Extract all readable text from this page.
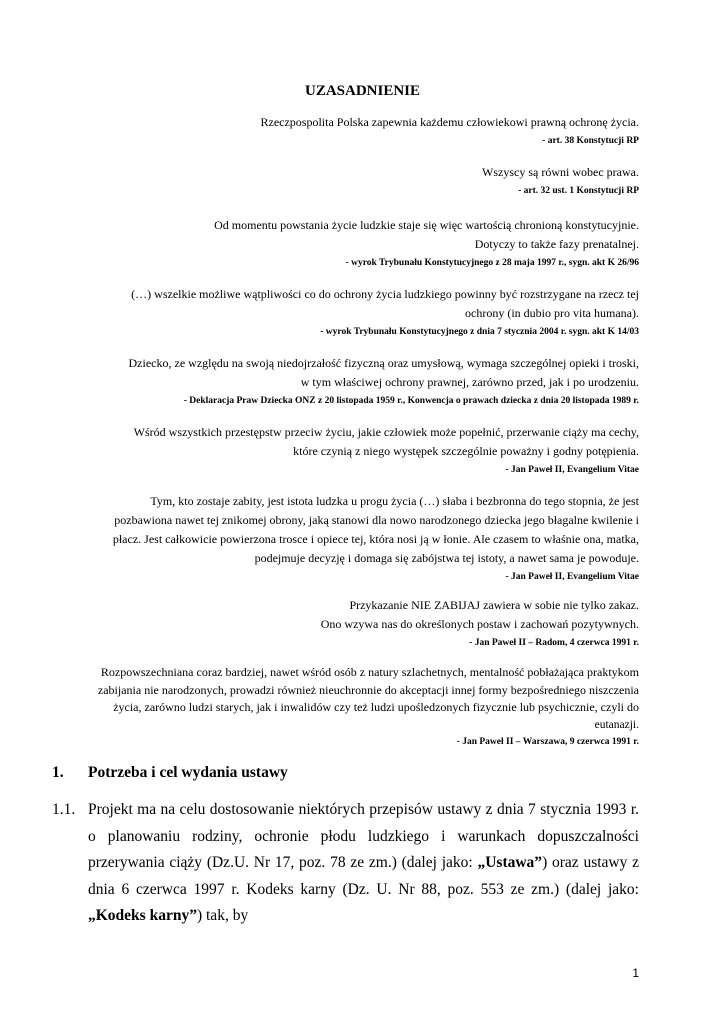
UZASADNIENIE
Rzeczpospolita Polska zapewnia każdemu człowiekowi prawną ochronę życia.
- art. 38 Konstytucji RP
Wszyscy są równi wobec prawa.
- art. 32 ust. 1 Konstytucji RP
Od momentu powstania życie ludzkie staje się więc wartością chronioną konstytucyjnie.
Dotyczy to także fazy prenatalnej.
- wyrok Trybunału Konstytucyjnego z 28 maja 1997 r., sygn. akt K 26/96
(…) wszelkie możliwe wątpliwości co do ochrony życia ludzkiego powinny być rozstrzygane na rzecz tej
ochrony (in dubio pro vita humana).
- wyrok Trybunału Konstytucyjnego z dnia 7 stycznia 2004 r. sygn. akt K 14/03
Dziecko, ze względu na swoją niedojrzałość fizyczną oraz umysłową, wymaga szczególnej opieki i troski,
w tym właściwej ochrony prawnej, zarówno przed, jak i po urodzeniu.
- Deklaracja Praw Dziecka ONZ z 20 listopada 1959 r., Konwencja o prawach dziecka z dnia 20 listopada 1989 r.
Wśród wszystkich przestępstw przeciw życiu, jakie człowiek może popełnić, przerwanie ciąży ma cechy,
które czynią z niego występek szczególnie poważny i godny potępienia.
- Jan Paweł II, Evangelium Vitae
Tym, kto zostaje zabity, jest istota ludzka u progu życia (…) słaba i bezbronna do tego stopnia, że jest
pozbawiona nawet tej znikomej obrony, jaką stanowi dla nowo narodzonego dziecka jego błagalne kwilenie i
płacz. Jest całkowicie powierzona trosce i opiece tej, która nosi ją w łonie. Ale czasem to właśnie ona, matka,
podejmuje decyzję i domaga się zabójstwa tej istoty, a nawet sama je powoduje.
- Jan Paweł II, Evangelium Vitae
Przykazanie NIE ZABIJAJ zawiera w sobie nie tylko zakaz.
Ono wzywa nas do określonych postaw i zachowań pozytywnych.
- Jan Paweł II – Radom, 4 czerwca 1991 r.
Rozpowszechniana coraz bardziej, nawet wśród osób z natury szlachetnych, mentalność pobłażająca praktykom
zabijania nie narodzonych, prowadzi również nieuchronnie do akceptacji innej formy bezpośredniego niszczenia
życia, zarówno ludzi starych, jak i inwalidów czy też ludzi upośledzonych fizycznie lub psychicznie, czyli do
eutanazji.
- Jan Paweł II – Warszawa, 9 czerwca 1991 r.
1. Potrzeba i cel wydania ustawy
1.1. Projekt ma na celu dostosowanie niektórych przepisów ustawy z dnia 7 stycznia 1993 r. o planowaniu rodziny, ochronie płodu ludzkiego i warunkach dopuszczalności przerywania ciąży (Dz.U. Nr 17, poz. 78 ze zm.) (dalej jako: „Ustawa”) oraz ustawy z dnia 6 czerwca 1997 r. Kodeks karny (Dz. U. Nr 88, poz. 553 ze zm.) (dalej jako: „Kodeks karny”) tak, by
1
